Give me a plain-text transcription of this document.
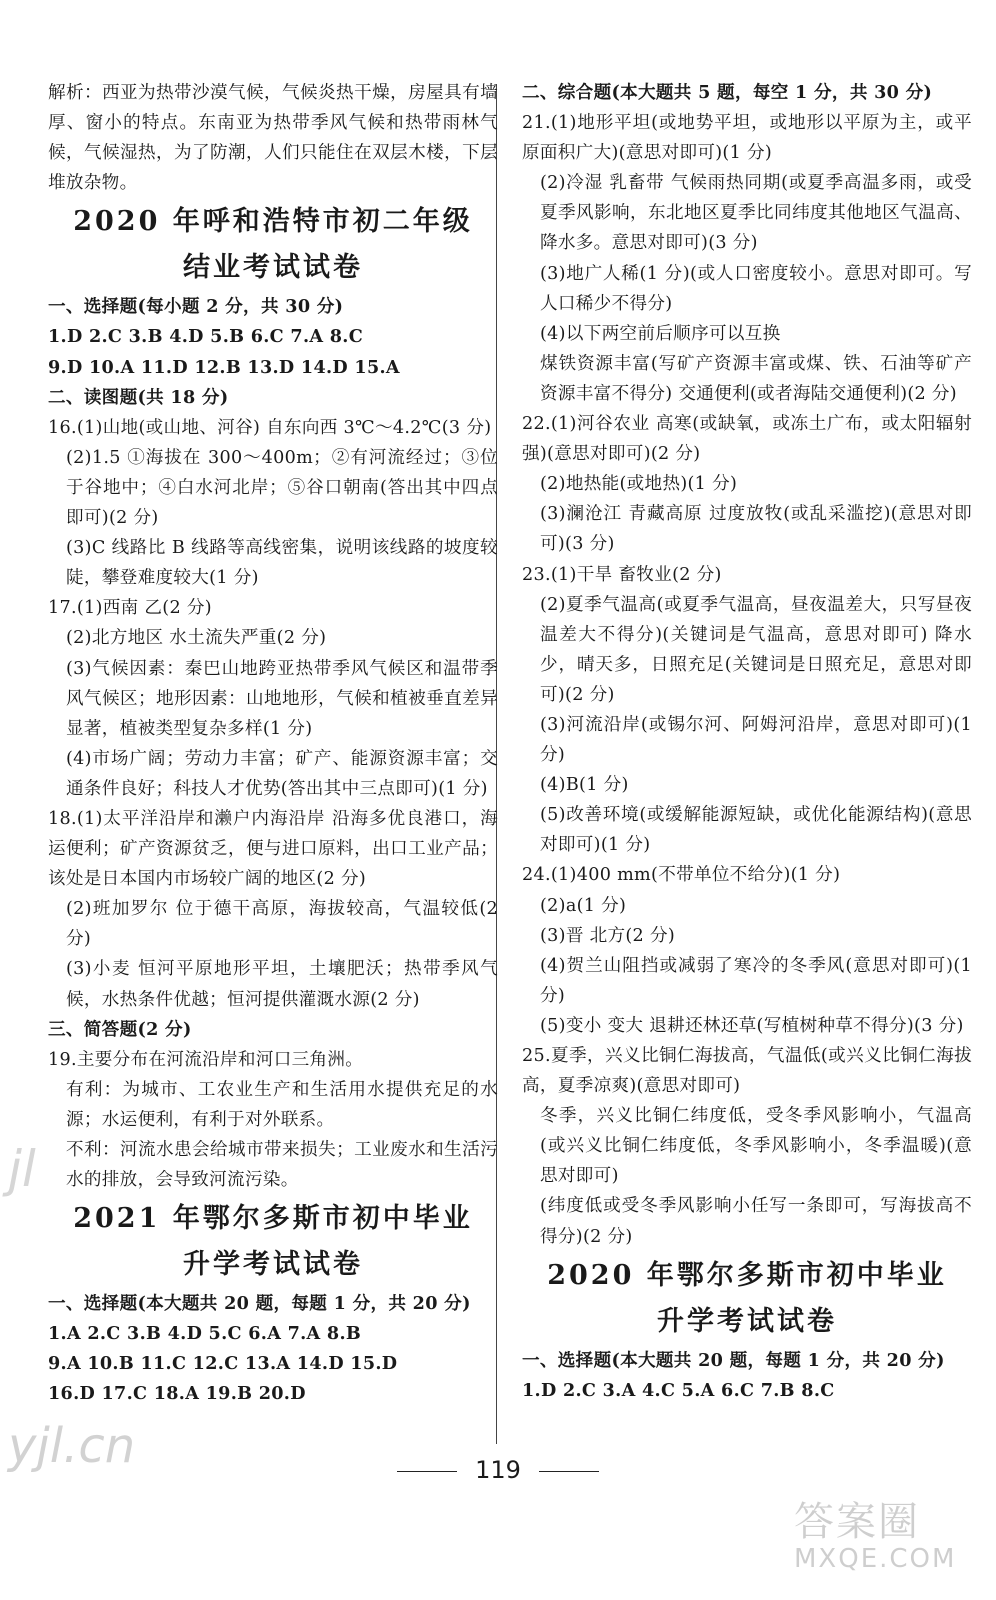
解析：西亚为热带沙漠气候，气候炎热干燥，房屋具有墙厚、窗小的特点。东南亚为热带季风气候和热带雨林气候，气候湿热，为了防潮，人们只能住在双层木楼，下层堆放杂物。

2020 年呼和浩特市初二年级
结业考试试卷

一、选择题(每小题 2 分，共 30 分)

1.D 2.C 3.B 4.D 5.B 6.C 7.A 8.C

9.D 10.A 11.D 12.B 13.D 14.D 15.A

二、读图题(共 18 分)

16.(1)山地(或山地、河谷) 自东向西 3℃～4.2℃(3 分)

(2)1.5 ①海拔在 300～400m；②有河流经过；③位于谷地中；④白水河北岸；⑤谷口朝南(答出其中四点即可)(2 分)

(3)C 线路比 B 线路等高线密集，说明该线路的坡度较陡，攀登难度较大(1 分)

17.(1)西南 乙(2 分)

(2)北方地区 水土流失严重(2 分)

(3)气候因素：秦巴山地跨亚热带季风气候区和温带季风气候区；地形因素：山地地形，气候和植被垂直差异显著，植被类型复杂多样(1 分)

(4)市场广阔；劳动力丰富；矿产、能源资源丰富；交通条件良好；科技人才优势(答出其中三点即可)(1 分)

18.(1)太平洋沿岸和濑户内海沿岸 沿海多优良港口，海运便利；矿产资源贫乏，便与进口原料，出口工业产品；该处是日本国内市场较广阔的地区(2 分)

(2)班加罗尔 位于德干高原，海拔较高，气温较低(2 分)

(3)小麦 恒河平原地形平坦，土壤肥沃；热带季风气候，水热条件优越；恒河提供灌溉水源(2 分)

三、简答题(2 分)

19.主要分布在河流沿岸和河口三角洲。

有利：为城市、工农业生产和生活用水提供充足的水源；水运便利，有利于对外联系。

不利：河流水患会给城市带来损失；工业废水和生活污水的排放，会导致河流污染。

2021 年鄂尔多斯市初中毕业
升学考试试卷

一、选择题(本大题共 20 题，每题 1 分，共 20 分)

1.A 2.C 3.B 4.D 5.C 6.A 7.A 8.B

9.A 10.B 11.C 12.C 13.A 14.D 15.D

16.D 17.C 18.A 19.B 20.D

二、综合题(本大题共 5 题，每空 1 分，共 30 分)

21.(1)地形平坦(或地势平坦，或地形以平原为主，或平原面积广大)(意思对即可)(1 分)

(2)冷湿 乳畜带 气候雨热同期(或夏季高温多雨，或受夏季风影响，东北地区夏季比同纬度其他地区气温高、降水多。意思对即可)(3 分)

(3)地广人稀(1 分)(或人口密度较小。意思对即可。写人口稀少不得分)

(4)以下两空前后顺序可以互换

煤铁资源丰富(写矿产资源丰富或煤、铁、石油等矿产资源丰富不得分) 交通便利(或者海陆交通便利)(2 分)

22.(1)河谷农业 高寒(或缺氧，或冻土广布，或太阳辐射强)(意思对即可)(2 分)

(2)地热能(或地热)(1 分)

(3)澜沧江 青藏高原 过度放牧(或乱采滥挖)(意思对即可)(3 分)

23.(1)干旱 畜牧业(2 分)

(2)夏季气温高(或夏季气温高，昼夜温差大，只写昼夜温差大不得分)(关键词是气温高，意思对即可) 降水少，晴天多，日照充足(关键词是日照充足，意思对即可)(2 分)

(3)河流沿岸(或锡尔河、阿姆河沿岸，意思对即可)(1 分)

(4)B(1 分)

(5)改善环境(或缓解能源短缺，或优化能源结构)(意思对即可)(1 分)

24.(1)400 mm(不带单位不给分)(1 分)

(2)a(1 分)

(3)晋 北方(2 分)

(4)贺兰山阻挡或减弱了寒冷的冬季风(意思对即可)(1 分)

(5)变小 变大 退耕还林还草(写植树种草不得分)(3 分)

25.夏季，兴义比铜仁海拔高，气温低(或兴义比铜仁海拔高，夏季凉爽)(意思对即可)

冬季，兴义比铜仁纬度低，受冬季风影响小，气温高(或兴义比铜仁纬度低，冬季风影响小，冬季温暖)(意思对即可)

(纬度低或受冬季风影响小任写一条即可，写海拔高不得分)(2 分)

2020 年鄂尔多斯市初中毕业
升学考试试卷

一、选择题(本大题共 20 题，每题 1 分，共 20 分)

1.D 2.C 3.A 4.C 5.A 6.C 7.B 8.C

119
jl
yjl.cn
答案圈
MXQE.COM
